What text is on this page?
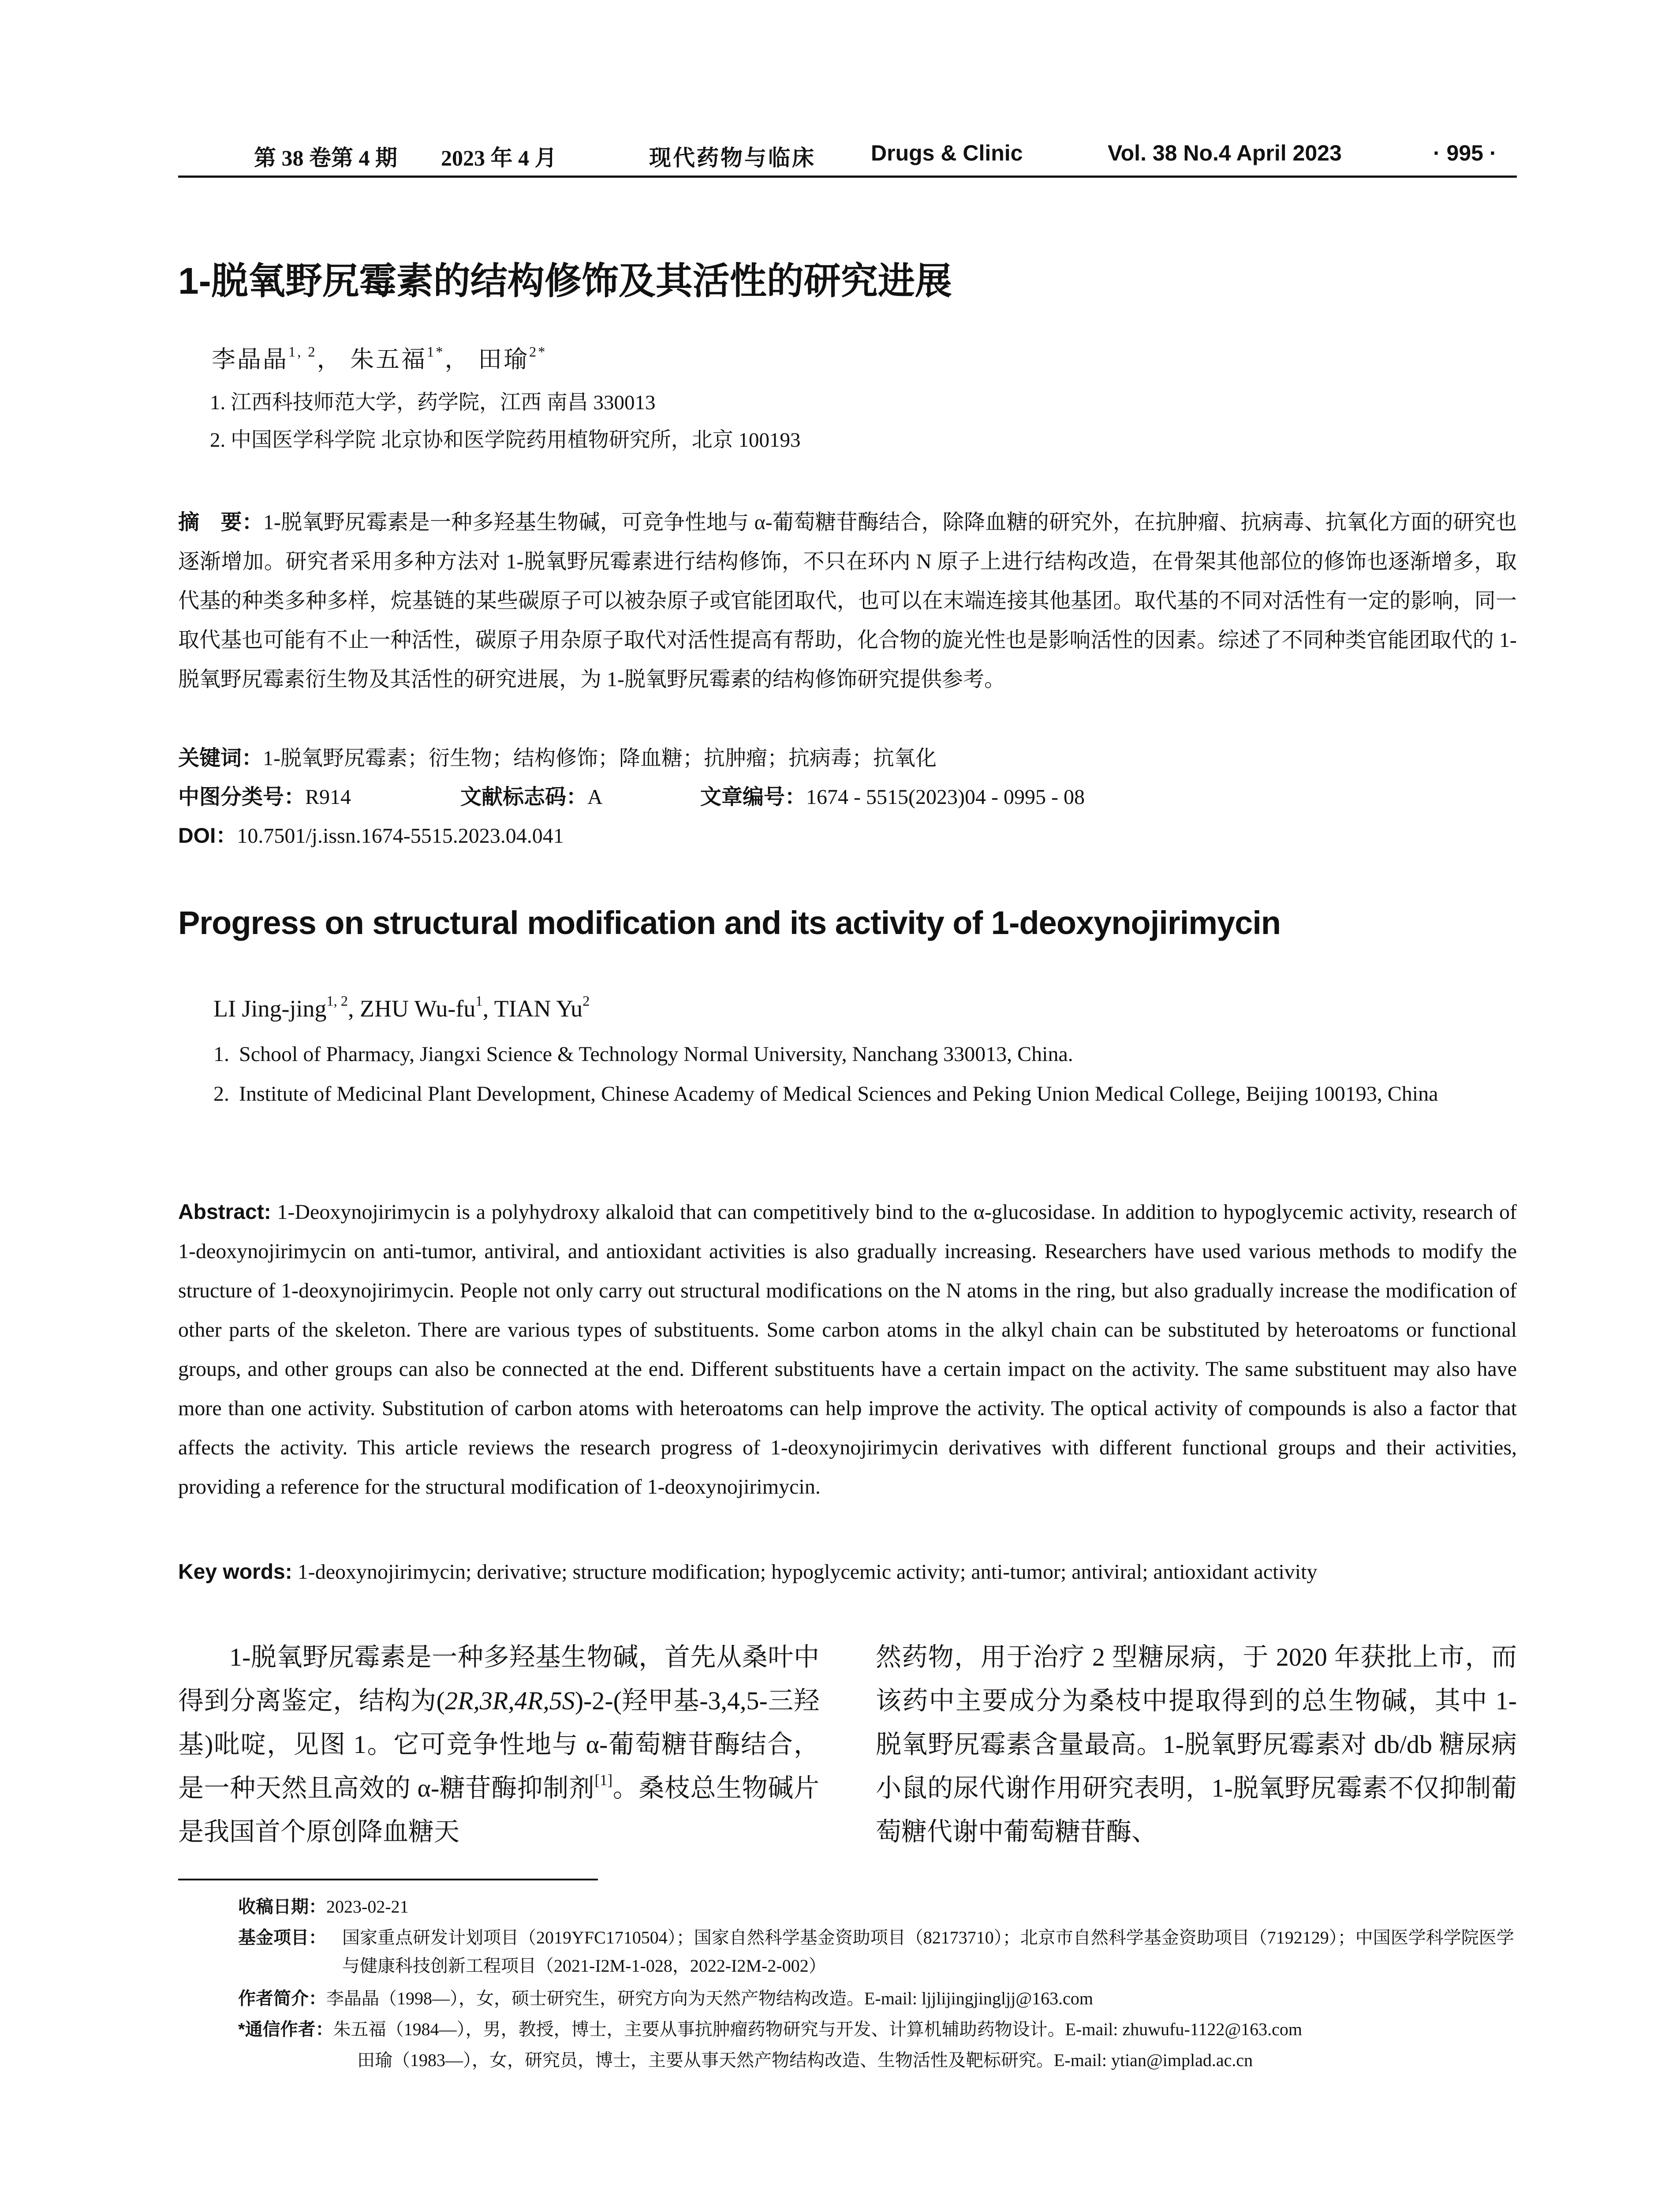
第 38 卷第 4 期 2023 年 4 月	现代药物与临床	Drugs & Clinic	Vol. 38 No.4 April 2023	· 995 ·
1-脱氧野尻霉素的结构修饰及其活性的研究进展
李晶晶$^{1, 2}$， 朱五福$^{1*}$， 田瑜$^{2*}$
1. 江西科技师范大学，药学院，江西 南昌 330013
2. 中国医学科学院 北京协和医学院药用植物研究所，北京 100193
摘　要：1-脱氧野尻霉素是一种多羟基生物碱，可竞争性地与 α-葡萄糖苷酶结合，除降血糖的研究外，在抗肿瘤、抗病毒、抗氧化方面的研究也逐渐增加。研究者采用多种方法对 1-脱氧野尻霉素进行结构修饰，不只在环内 N 原子上进行结构改造，在骨架其他部位的修饰也逐渐增多，取代基的种类多种多样，烷基链的某些碳原子可以被杂原子或官能团取代，也可以在末端连接其他基团。取代基的不同对活性有一定的影响，同一取代基也可能有不止一种活性，碳原子用杂原子取代对活性提高有帮助，化合物的旋光性也是影响活性的因素。综述了不同种类官能团取代的 1-脱氧野尻霉素衍生物及其活性的研究进展，为 1-脱氧野尻霉素的结构修饰研究提供参考。
关键词：1-脱氧野尻霉素；衍生物；结构修饰；降血糖；抗肿瘤；抗病毒；抗氧化
中图分类号：R914	文献标志码：A	文章编号：1674 - 5515(2023)04 - 0995 - 08
DOI：10.7501/j.issn.1674-5515.2023.04.041
Progress on structural modification and its activity of 1-deoxynojirimycin
LI Jing-jing$^{1, 2}$, ZHU $Wu-fu^1$, TIAN Yu$^2$
1. School of Pharmacy, Jiangxi Science & Technology Normal University, Nanchang 330013, China.
2. Institute of Medicinal Plant Development, Chinese Academy of Medical Sciences and Peking Union Medical College, Beijing 100193, China
Abstract: 1-Deoxynojirimycin is a polyhydroxy alkaloid that can competitively bind to the α-glucosidase. In addition to hypoglycemic activity, research of 1-deoxynojirimycin on anti-tumor, antiviral, and antioxidant activities is also gradually increasing. Researchers have used various methods to modify the structure of 1-deoxynojirimycin. People not only carry out structural modifications on the N atoms in the ring, but also gradually increase the modification of other parts of the skeleton. There are various types of substituents. Some carbon atoms in the alkyl chain can be substituted by heteroatoms or functional groups, and other groups can also be connected at the end. Different substituents have a certain impact on the activity. The same substituent may also have more than one activity. Substitution of carbon atoms with heteroatoms can help improve the activity. The optical activity of compounds is also a factor that affects the activity. This article reviews the research progress of 1-deoxynojirimycin derivatives with different functional groups and their activities, providing a reference for the structural modification of 1-deoxynojirimycin.
Key words: 1-deoxynojirimycin; derivative; structure modification; hypoglycemic activity; anti-tumor; antiviral; antioxidant activity
1-脱氧野尻霉素是一种多羟基生物碱，首先从桑叶中得到分离鉴定，结构为(2R,3R,4R,5S)-2-(羟甲基-3,4,5-三羟基)吡啶，见图 1。它可竞争性地与 α-葡萄糖苷酶结合，是一种天然且高效的 α-糖苷酶抑制剂[1]。桑枝总生物碱片是我国首个原创降血糖天
然药物，用于治疗 2 型糖尿病，于 2020 年获批上市，而该药中主要成分为桑枝中提取得到的总生物碱，其中 1-脱氧野尻霉素含量最高。1-脱氧野尻霉素对 db/db 糖尿病小鼠的尿代谢作用研究表明，1-脱氧野尻霉素不仅抑制葡萄糖代谢中葡萄糖苷酶、
收稿日期：2023-02-21
基金项目： 国家重点研发计划项目（2019YFC1710504）；国家自然科学基金资助项目（82173710）；北京市自然科学基金资助项目（7192129）；中国医学科学院医学与健康科技创新工程项目（2021-I2M-1-028，2022-I2M-2-002）
作者简介：李晶晶（1998—），女，硕士研究生，研究方向为天然产物结构改造。E-mail: ljjlijingjingljj@163.com
*通信作者：朱五福（1984—），男，教授，博士，主要从事抗肿瘤药物研究与开发、计算机辅助药物设计。E-mail: zhuwufu-1122@163.com
田瑜（1983—），女，研究员，博士，主要从事天然产物结构改造、生物活性及靶标研究。E-mail: ytian@implad.ac.cn
